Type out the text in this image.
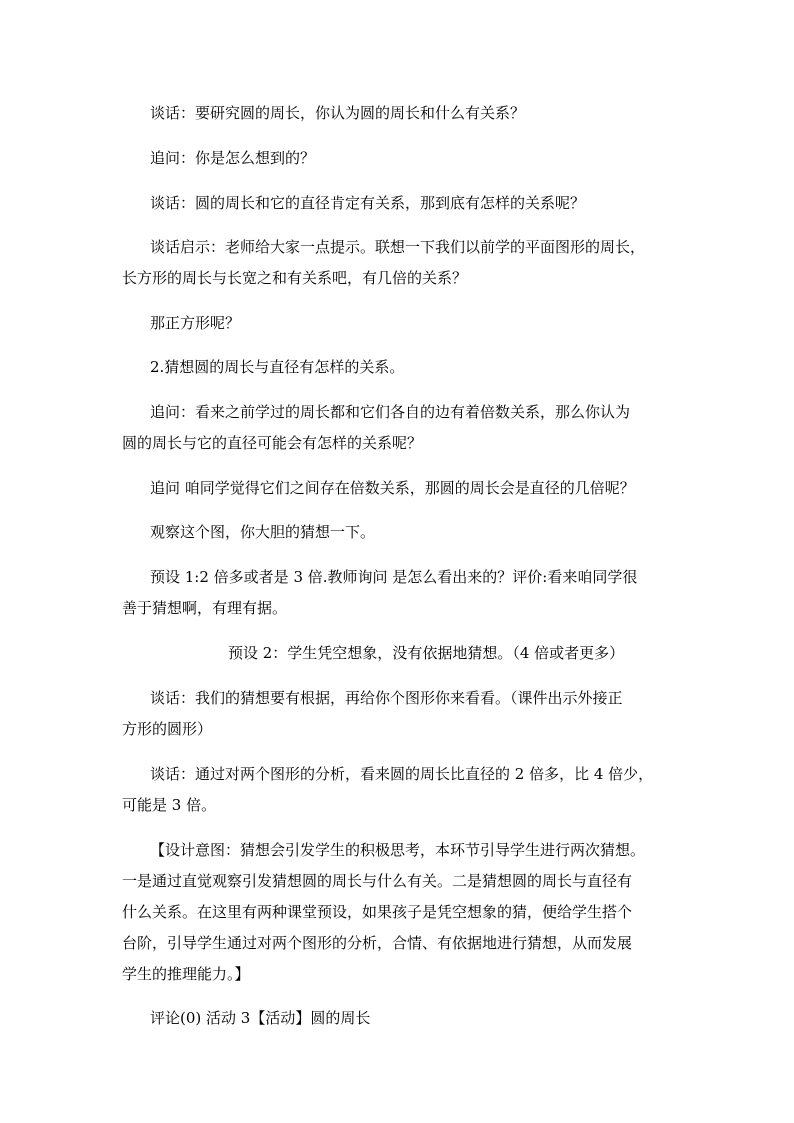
谈话：要研究圆的周长，你认为圆的周长和什么有关系？
追问：你是怎么想到的？
谈话：圆的周长和它的直径肯定有关系，那到底有怎样的关系呢？
谈话启示：老师给大家一点提示。联想一下我们以前学的平面图形的周长，
长方形的周长与长宽之和有关系吧，有几倍的关系？
那正方形呢？
2.猜想圆的周长与直径有怎样的关系。
追问：看来之前学过的周长都和它们各自的边有着倍数关系，那么你认为
圆的周长与它的直径可能会有怎样的关系呢？
追问 咱同学觉得它们之间存在倍数关系，那圆的周长会是直径的几倍呢？
观察这个图，你大胆的猜想一下。
预设 1:2 倍多或者是 3 倍.教师询问 是怎么看出来的？评价:看来咱同学很
善于猜想啊，有理有据。
预设 2：学生凭空想象，没有依据地猜想。（4 倍或者更多）
谈话：我们的猜想要有根据，再给你个图形你来看看。（课件出示外接正
方形的圆形）
谈话：通过对两个图形的分析，看来圆的周长比直径的 2 倍多，比 4 倍少，
可能是 3 倍。
【设计意图：猜想会引发学生的积极思考，本环节引导学生进行两次猜想。
一是通过直觉观察引发猜想圆的周长与什么有关。二是猜想圆的周长与直径有
什么关系。在这里有两种课堂预设，如果孩子是凭空想象的猜，便给学生搭个
台阶，引导学生通过对两个图形的分析，合情、有依据地进行猜想，从而发展
学生的推理能力。】
评论(0) 活动 3【活动】圆的周长
